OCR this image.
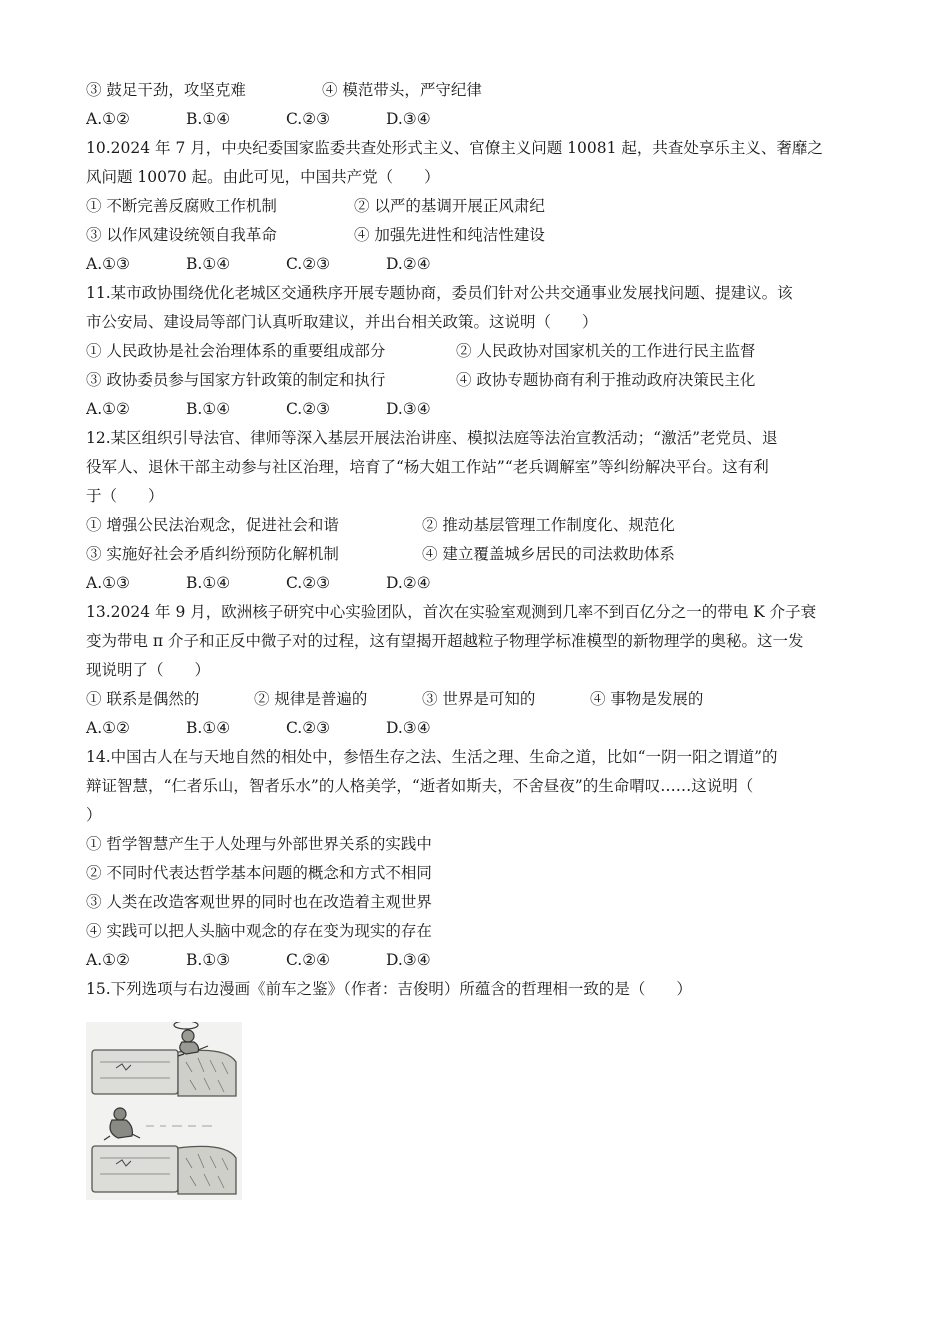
③ 鼓足干劲，攻坚克难	④ 模范带头，严守纪律
A.①②	B.①④	C.②③	D.③④
10.2024 年 7 月，中央纪委国家监委共查处形式主义、官僚主义问题 10081 起，共查处享乐主义、奢靡之
风问题 10070 起。由此可见，中国共产党（　　）
① 不断完善反腐败工作机制	② 以严的基调开展正风肃纪
③ 以作风建设统领自我革命	④ 加强先进性和纯洁性建设
A.①③	B.①④	C.②③	D.②④
11.某市政协围绕优化老城区交通秩序开展专题协商，委员们针对公共交通事业发展找问题、提建议。该
市公安局、建设局等部门认真听取建议，并出台相关政策。这说明（　　）
① 人民政协是社会治理体系的重要组成部分	② 人民政协对国家机关的工作进行民主监督
③ 政协委员参与国家方针政策的制定和执行	④ 政协专题协商有利于推动政府决策民主化
A.①②	B.①④	C.②③	D.③④
12.某区组织引导法官、律师等深入基层开展法治讲座、模拟法庭等法治宣教活动；“激活”老党员、退
役军人、退休干部主动参与社区治理，培育了“杨大姐工作站”“老兵调解室”等纠纷解决平台。这有利
于（　　）
① 增强公民法治观念，促进社会和谐	② 推动基层管理工作制度化、规范化
③ 实施好社会矛盾纠纷预防化解机制	④ 建立覆盖城乡居民的司法救助体系
A.①③	B.①④	C.②③	D.②④
13.2024 年 9 月，欧洲核子研究中心实验团队，首次在实验室观测到几率不到百亿分之一的带电 K 介子衰
变为带电 π 介子和正反中微子对的过程，这有望揭开超越粒子物理学标准模型的新物理学的奥秘。这一发
现说明了（　　）
① 联系是偶然的	② 规律是普遍的	③ 世界是可知的	④ 事物是发展的
A.①②	B.①④	C.②③	D.③④
14.中国古人在与天地自然的相处中，参悟生存之法、生活之理、生命之道，比如“一阴一阳之谓道”的
辩证智慧，“仁者乐山，智者乐水”的人格美学，“逝者如斯夫，不舍昼夜”的生命喟叹……这说明（
）
① 哲学智慧产生于人处理与外部世界关系的实践中
② 不同时代表达哲学基本问题的概念和方式不相同
③ 人类在改造客观世界的同时也在改造着主观世界
④ 实践可以把人头脑中观念的存在变为现实的存在
A.①②	B.①③	C.②④	D.③④
15.下列选项与右边漫画《前车之鉴》（作者：吉俊明）所蕴含的哲理相一致的是（　　）
